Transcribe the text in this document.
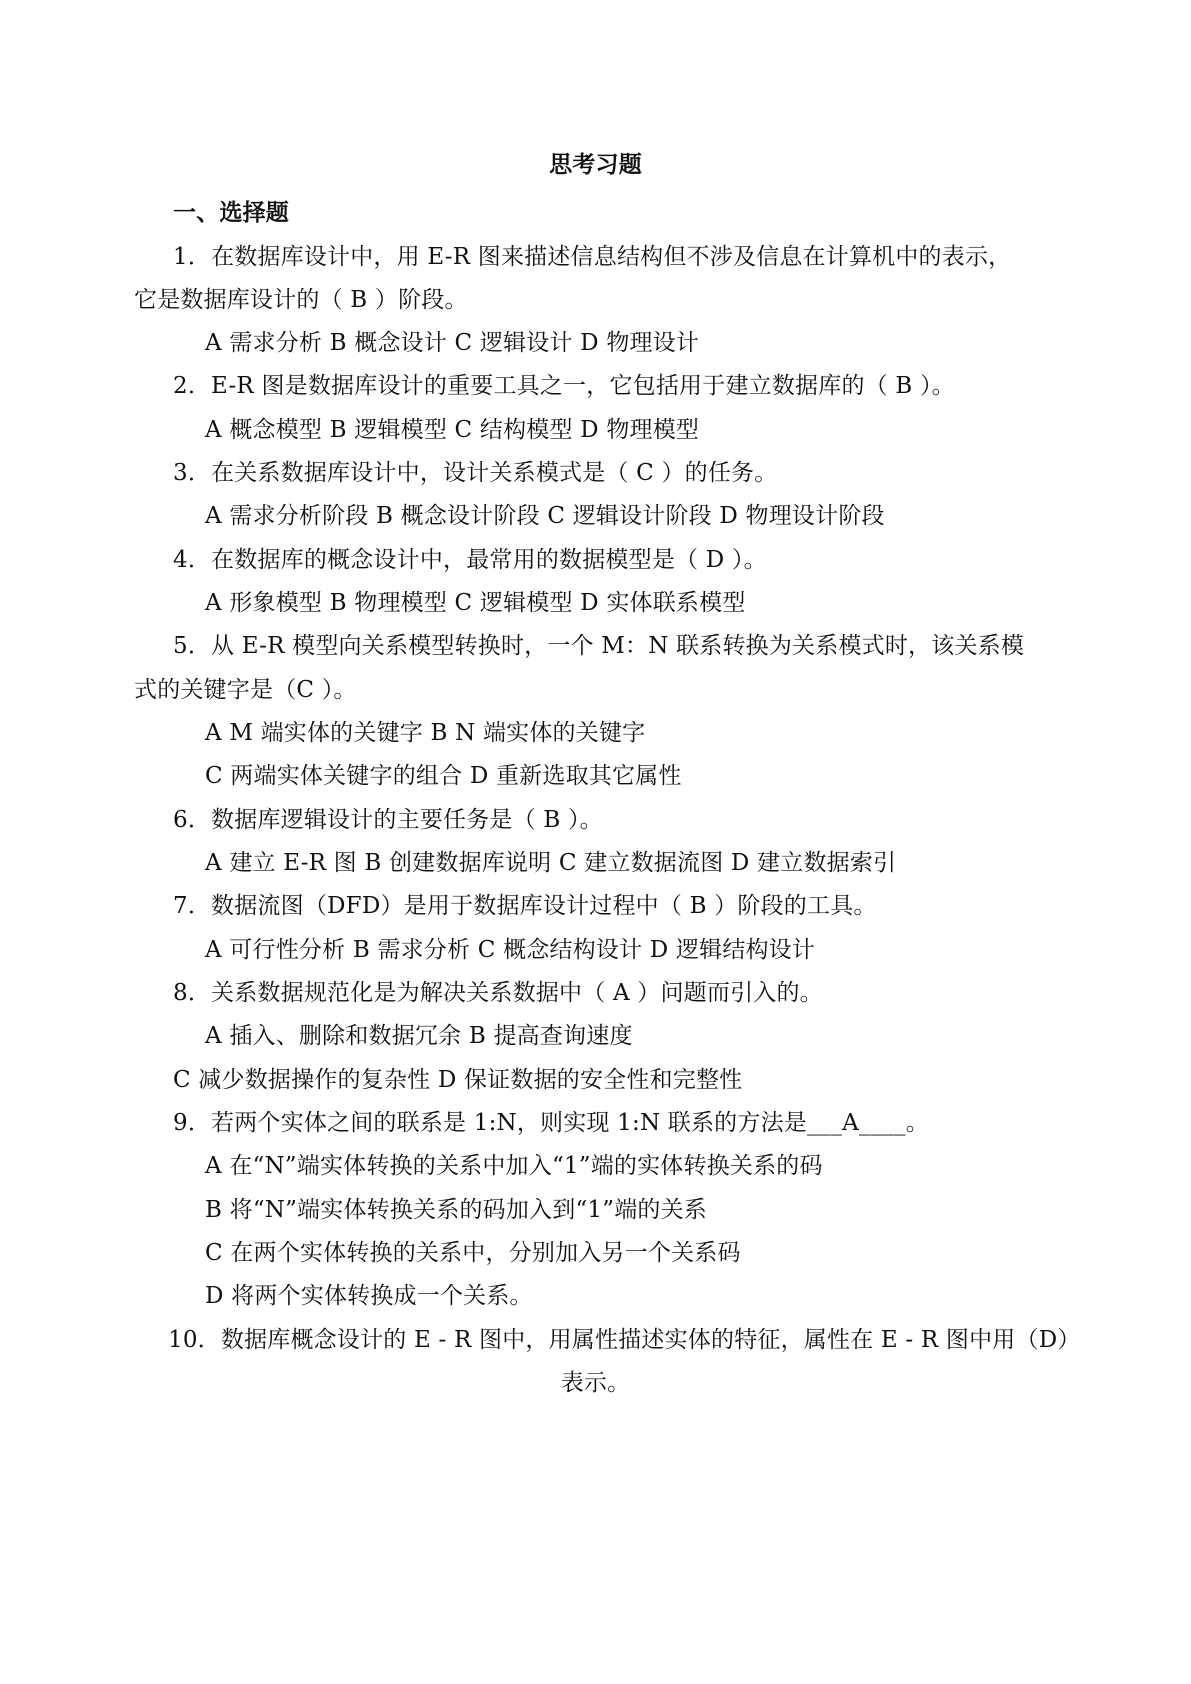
思考习题
一、选择题
1．在数据库设计中，用 E-R 图来描述信息结构但不涉及信息在计算机中的表示，
它是数据库设计的（ B ）阶段。
A 需求分析 B 概念设计 C 逻辑设计 D 物理设计
2．E-R 图是数据库设计的重要工具之一，它包括用于建立数据库的（ B ）。
A 概念模型 B 逻辑模型 C 结构模型 D 物理模型
3．在关系数据库设计中，设计关系模式是（ C ）的任务。
A 需求分析阶段 B 概念设计阶段 C 逻辑设计阶段 D 物理设计阶段
4．在数据库的概念设计中，最常用的数据模型是（ D ）。
A 形象模型 B 物理模型 C 逻辑模型 D 实体联系模型
5．从 E-R 模型向关系模型转换时，一个 M：N 联系转换为关系模式时，该关系模
式的关键字是（C ）。
A M 端实体的关键字 B N 端实体的关键字
C 两端实体关键字的组合 D 重新选取其它属性
6．数据库逻辑设计的主要任务是（ B ）。
A 建立 E-R 图 B 创建数据库说明 C 建立数据流图 D 建立数据索引
7．数据流图（DFD）是用于数据库设计过程中（ B ）阶段的工具。
A 可行性分析 B 需求分析 C 概念结构设计 D 逻辑结构设计
8．关系数据规范化是为解决关系数据中（ A ）问题而引入的。
A 插入、删除和数据冗余 B 提高查询速度
C 减少数据操作的复杂性 D 保证数据的安全性和完整性
9．若两个实体之间的联系是 1:N，则实现 1:N 联系的方法是___A____。
A 在“N”端实体转换的关系中加入“1”端的实体转换关系的码
B 将“N”端实体转换关系的码加入到“1”端的关系
C 在两个实体转换的关系中，分别加入另一个关系码
D 将两个实体转换成一个关系。
10．数据库概念设计的 E - R 图中，用属性描述实体的特征，属性在 E - R 图中用（D）
表示。
